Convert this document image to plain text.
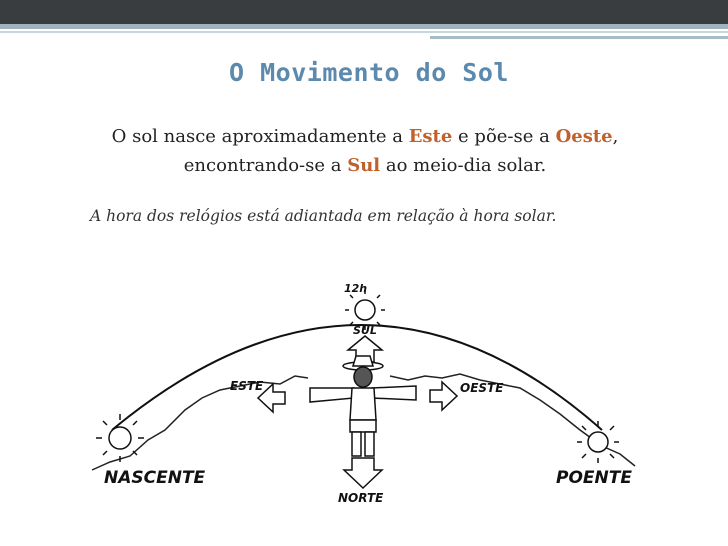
O Movimento do Sol
O sol nasce aproximadamente a Este e põe-se a Oeste,
encontrando-se a Sul ao meio-dia solar.
A hora dos relógios está adiantada em relação à hora solar.
12h
SUL
ESTE	OESTE
NASCENTE	POENTE
NORTE
